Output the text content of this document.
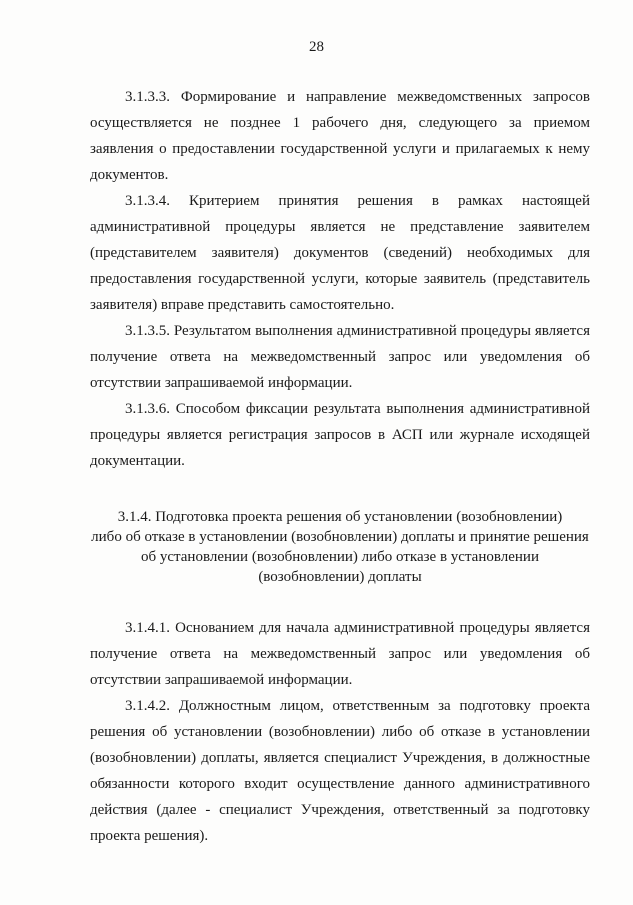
28

3.1.3.3. Формирование и направление межведомственных запросов осуществляется не позднее 1 рабочего дня, следующего за приемом заявления о предоставлении государственной услуги и прилагаемых к нему документов.

3.1.3.4. Критерием принятия решения в рамках настоящей административной процедуры является не представление заявителем (представителем заявителя) документов (сведений) необходимых для предоставления государственной услуги, которые заявитель (представитель заявителя) вправе представить самостоятельно.

3.1.3.5. Результатом выполнения административной процедуры является получение ответа на межведомственный запрос или уведомления об отсутствии запрашиваемой информации.

3.1.3.6. Способом фиксации результата выполнения административной процедуры является регистрация запросов в АСП или журнале исходящей документации.

3.1.4. Подготовка проекта решения об установлении (возобновлении)
либо об отказе в установлении (возобновлении) доплаты и принятие решения
об установлении (возобновлении) либо отказе в установлении
(возобновлении) доплаты

3.1.4.1. Основанием для начала административной процедуры является получение ответа на межведомственный запрос или уведомления об отсутствии запрашиваемой информации.

3.1.4.2. Должностным лицом, ответственным за подготовку проекта решения об установлении (возобновлении) либо об отказе в установлении (возобновлении) доплаты, является специалист Учреждения, в должностные обязанности которого входит осуществление данного административного действия (далее - специалист Учреждения, ответственный за подготовку проекта решения).
